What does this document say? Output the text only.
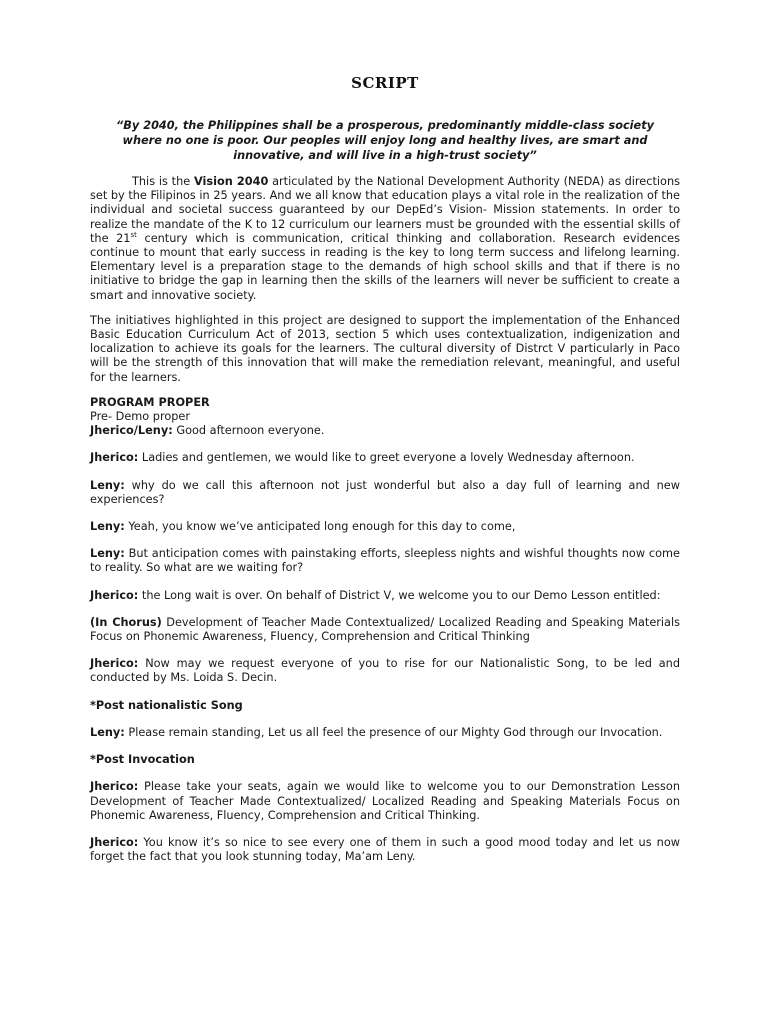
SCRIPT

“By 2040, the Philippines shall be a prosperous, predominantly middle-class society where no one is poor. Our peoples will enjoy long and healthy lives, are smart and innovative, and will live in a high-trust society”

This is the Vision 2040 articulated by the National Development Authority (NEDA) as directions set by the Filipinos in 25 years. And we all know that education plays a vital role in the realization of the individual and societal success guaranteed by our DepEd’s Vision- Mission statements. In order to realize the mandate of the K to 12 curriculum our learners must be grounded with the essential skills of the 21st century which is communication, critical thinking and collaboration. Research evidences continue to mount that early success in reading is the key to long term success and lifelong learning. Elementary level is a preparation stage to the demands of high school skills and that if there is no initiative to bridge the gap in learning then the skills of the learners will never be sufficient to create a smart and innovative society.

The initiatives highlighted in this project are designed to support the implementation of the Enhanced Basic Education Curriculum Act of 2013, section 5 which uses contextualization, indigenization and localization to achieve its goals for the learners. The cultural diversity of Distrct V particularly in Paco will be the strength of this innovation that will make the remediation relevant, meaningful, and useful for the learners.

PROGRAM PROPER

Pre- Demo proper

Jherico/Leny: Good afternoon everyone.

Jherico: Ladies and gentlemen, we would like to greet everyone a lovely Wednesday afternoon.

Leny: why do we call this afternoon not just wonderful but also a day full of learning and new experiences?

Leny: Yeah, you know we’ve anticipated long enough for this day to come,

Leny: But anticipation comes with painstaking efforts, sleepless nights and wishful thoughts now come to reality. So what are we waiting for?

Jherico: the Long wait is over. On behalf of District V, we welcome you to our Demo Lesson entitled:

(In Chorus) Development of Teacher Made Contextualized/ Localized Reading and Speaking Materials Focus on Phonemic Awareness, Fluency, Comprehension and Critical Thinking

Jherico: Now may we request everyone of you to rise for our Nationalistic Song, to be led and conducted by Ms. Loida S. Decin.

*Post nationalistic Song

Leny: Please remain standing, Let us all feel the presence of our Mighty God through our Invocation.

*Post Invocation

Jherico: Please take your seats, again we would like to welcome you to our Demonstration Lesson Development of Teacher Made Contextualized/ Localized Reading and Speaking Materials Focus on Phonemic Awareness, Fluency, Comprehension and Critical Thinking.

Jherico: You know it’s so nice to see every one of them in such a good mood today and let us now forget the fact that you look stunning today, Ma’am Leny.
